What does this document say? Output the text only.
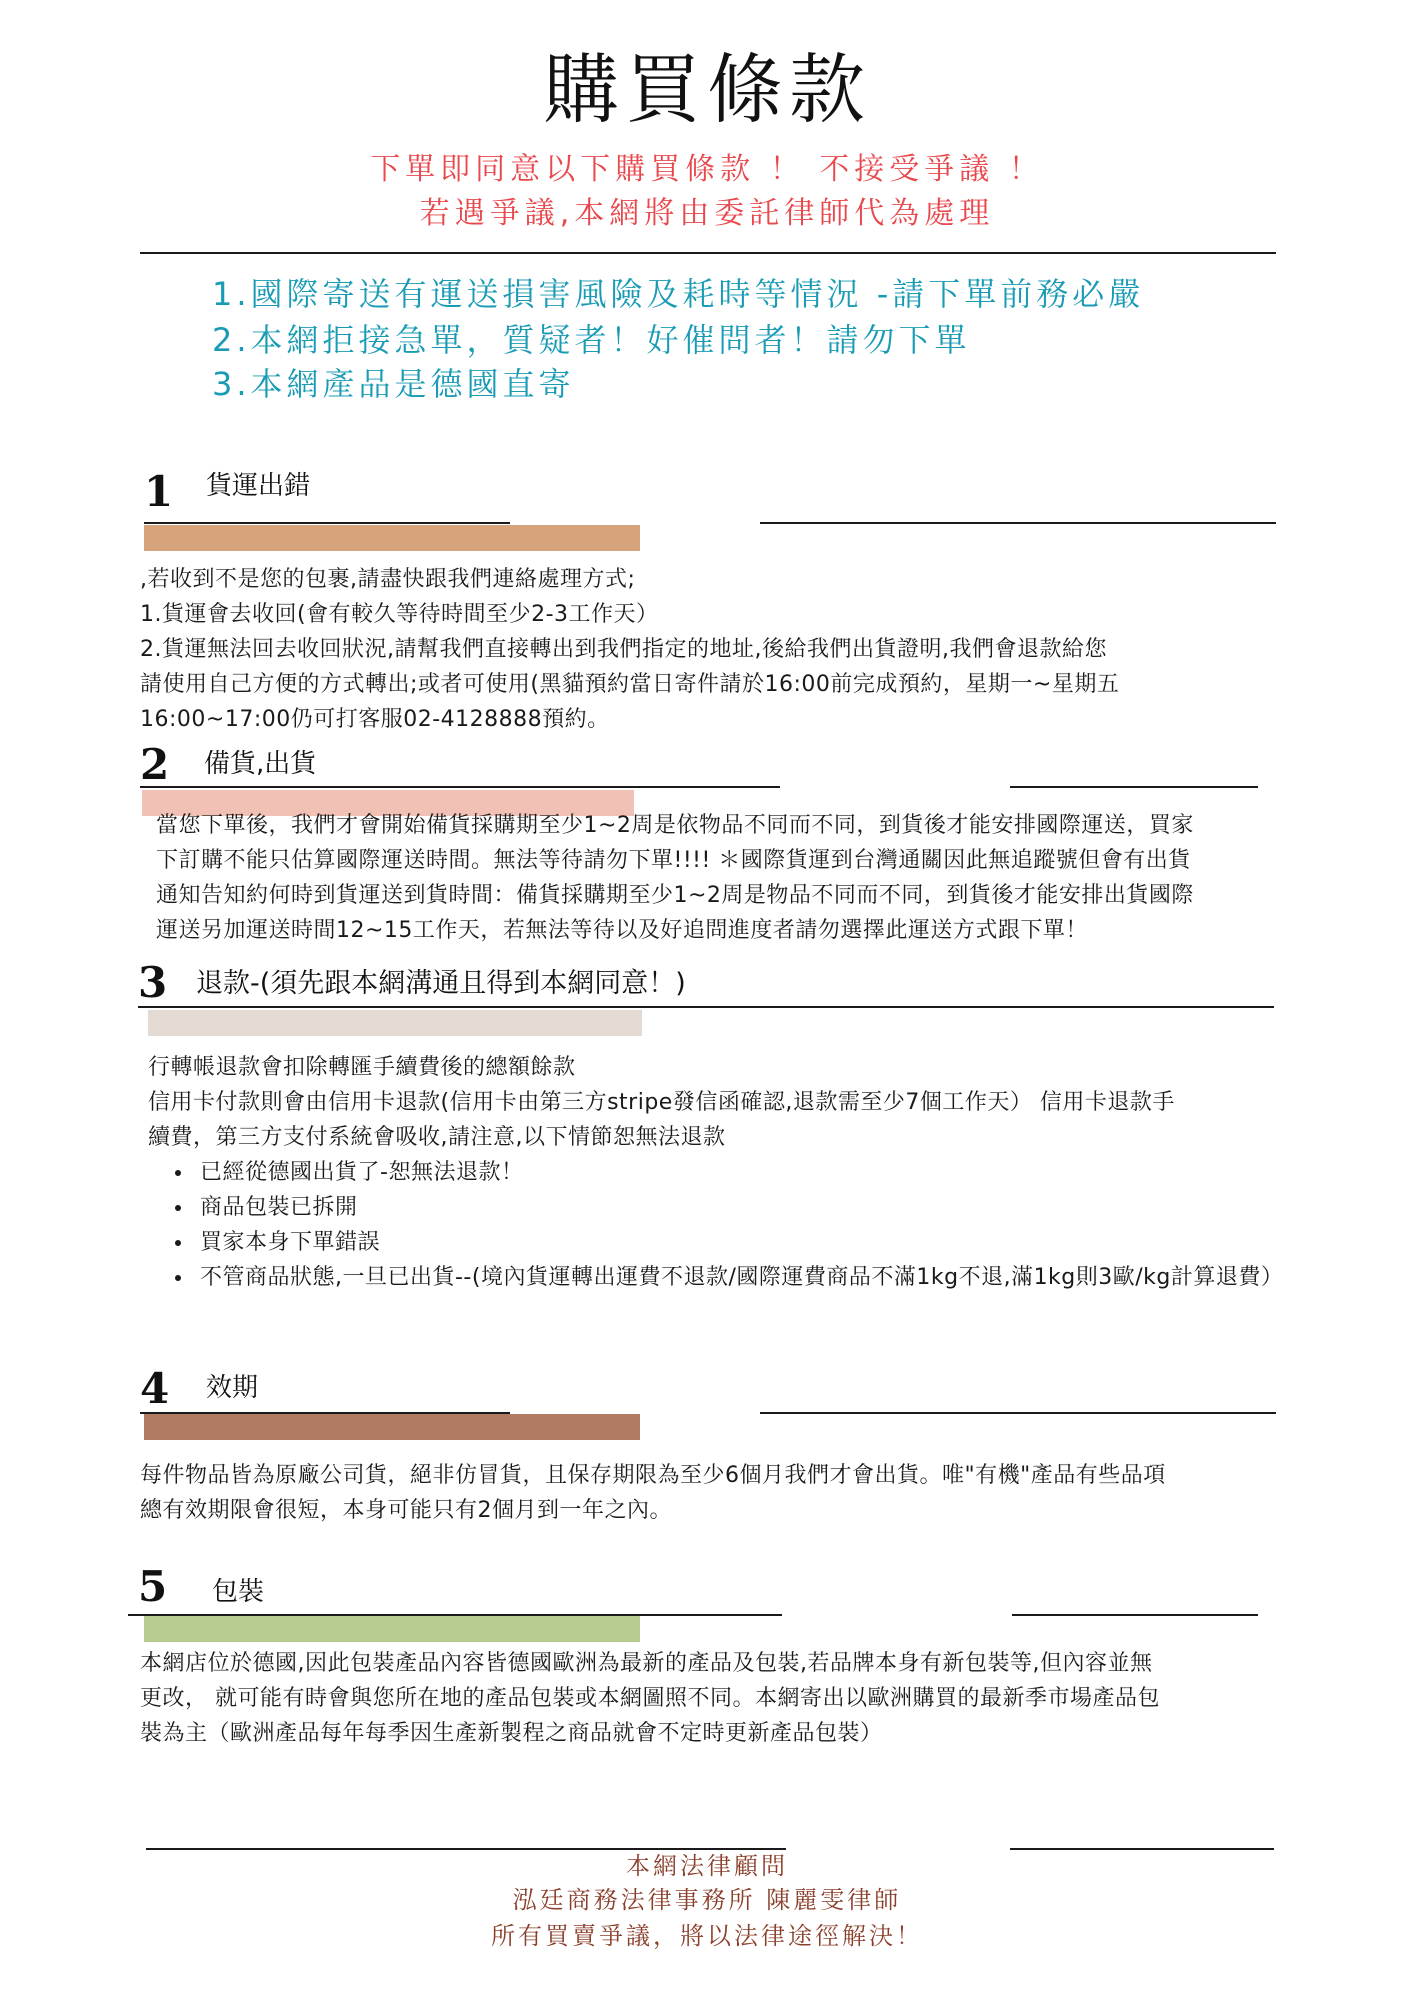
購買條款
下單即同意以下購買條款 ！ 不接受爭議 ！
若遇爭議,本網將由委託律師代為處理
1.國際寄送有運送損害風險及耗時等情況 -請下單前務必嚴
2.本網拒接急單，質疑者！好催問者！請勿下單
3.本網產品是德國直寄
1 貨運出錯

,若收到不是您的包裹,請盡快跟我們連絡處理方式;

1.貨運會去收回(會有較久等待時間至少2-3工作天）

2.貨運無法回去收回狀況,請幫我們直接轉出到我們指定的地址,後給我們出貨證明,我們會退款給您

請使用自己方便的方式轉出;或者可使用(黑貓預約當日寄件請於16:00前完成預約，星期一~星期五

16:00~17:00仍可打客服02-4128888預約。

2 備貨,出貨

當您下單後，我們才會開始備貨採購期至少1~2周是依物品不同而不同，到貨後才能安排國際運送，買家

下訂購不能只估算國際運送時間。無法等待請勿下單!!!! ＊國際貨運到台灣通關因此無追蹤號但會有出貨

通知告知約何時到貨運送到貨時間：備貨採購期至少1~2周是物品不同而不同，到貨後才能安排出貨國際

運送另加運送時間12~15工作天，若無法等待以及好追問進度者請勿選擇此運送方式跟下單！

3 退款-(須先跟本網溝通且得到本網同意！)

行轉帳退款會扣除轉匯手續費後的總額餘款

信用卡付款則會由信用卡退款(信用卡由第三方stripe發信函確認,退款需至少7個工作天） 信用卡退款手

續費，第三方支付系統會吸收,請注意,以下情節恕無法退款

• 已經從德國出貨了-恕無法退款！
• 商品包裝已拆開
• 買家本身下單錯誤
• 不管商品狀態,一旦已出貨--(境內貨運轉出運費不退款/國際運費商品不滿1kg不退,滿1kg則3歐/kg計算退費）
4 效期

每件物品皆為原廠公司貨，絕非仿冒貨，且保存期限為至少6個月我們才會出貨。唯"有機"產品有些品項

總有效期限會很短，本身可能只有2個月到一年之內。

5 包裝

本網店位於德國,因此包裝產品內容皆德國歐洲為最新的產品及包裝,若品牌本身有新包裝等,但內容並無

更改， 就可能有時會與您所在地的產品包裝或本網圖照不同。本網寄出以歐洲購買的最新季市場產品包

裝為主（歐洲產品每年每季因生產新製程之商品就會不定時更新產品包裝）

本網法律顧問
泓廷商務法律事務所 陳麗雯律師
所有買賣爭議，將以法律途徑解決！
